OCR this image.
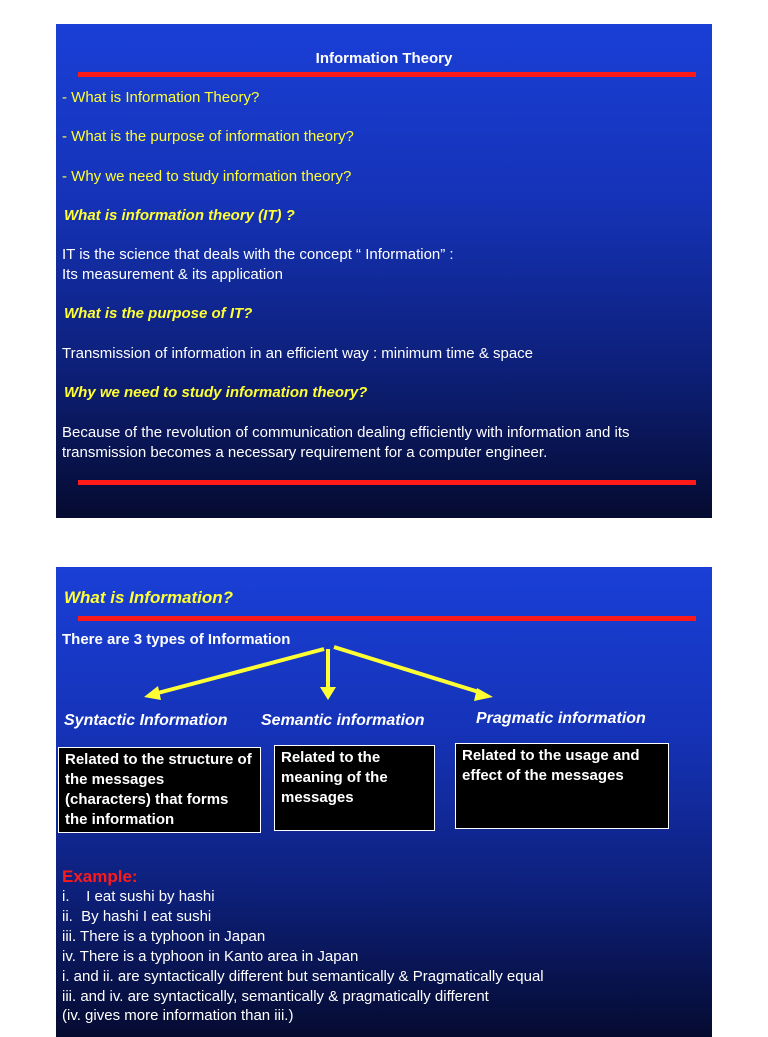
Information Theory
- What is Information Theory?
- What is the purpose of information theory?
- Why we need to study information theory?
What is information theory (IT) ?
IT is the science that deals with the concept “ Information” :
Its measurement & its application
What is the purpose of IT?
Transmission of information in an efficient way : minimum time & space
Why we need to study information theory?
Because of the revolution of communication dealing efficiently with information and its
transmission becomes a necessary requirement for a computer engineer.
What is Information?
There are 3 types of Information
Syntactic Information Semantic information	Pragmatic information
Related to the structure of the messages (characters) that forms the information
Related to the meaning of the messages
Related to the usage and effect of the messages
Example:
i.    I eat sushi by hashi
ii.  By hashi I eat sushi
iii. There is a typhoon in Japan
iv. There is a typhoon in Kanto area in Japan
i. and ii. are syntactically different but semantically & Pragmatically equal
iii. and iv. are syntactically, semantically & pragmatically different
(iv. gives more information than iii.)
